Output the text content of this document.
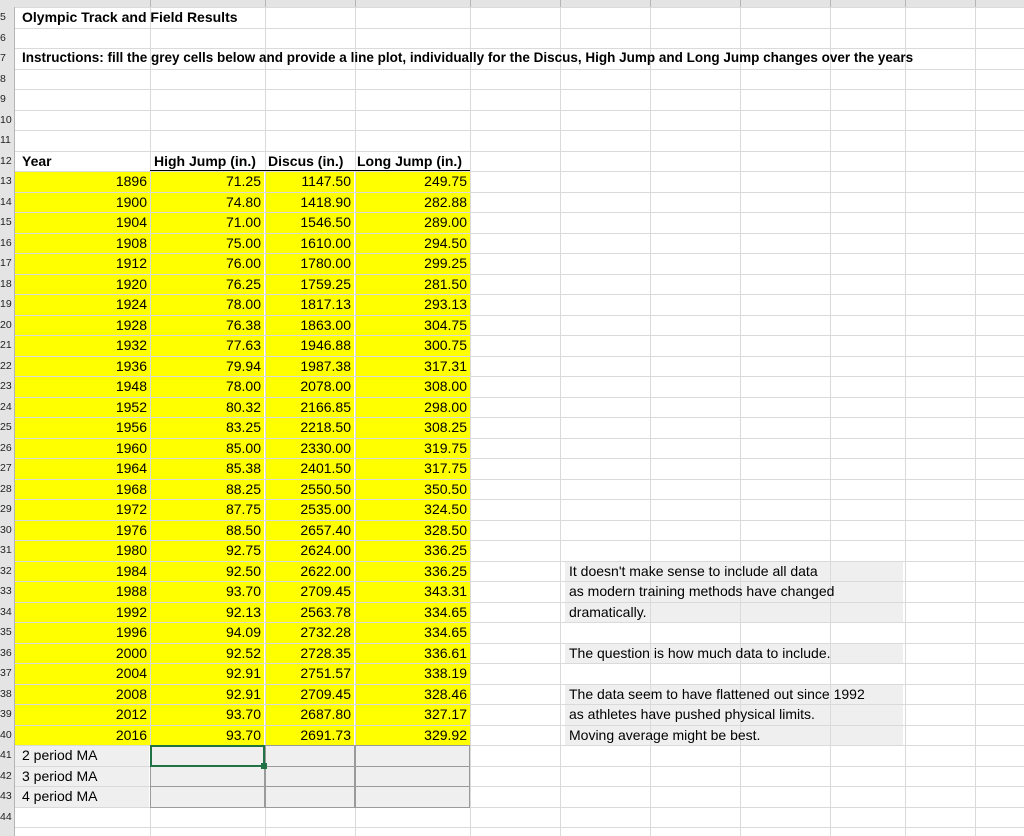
5
6
7
8
9
10
11
12
13
14
15
16
17
18
19
20
21
22
23
24
25
26
27
28
29
30
31
32
33
34
35
36
37
38
39
40
41
42
43
44
Olympic Track and Field Results
Instructions: fill the grey cells below and provide a line plot, individually for the Discus, High Jump and Long Jump changes over the years
Year	High Jump (in.) Discus (in.) Long Jump (in.)
1896	71.25	1147.50	249.75
1900	74.80	1418.90	282.88
1904	71.00	1546.50	289.00
1908	75.00	1610.00	294.50
1912	76.00	1780.00	299.25
1920	76.25	1759.25	281.50
1924	78.00	1817.13	293.13
1928	76.38	1863.00	304.75
1932	77.63	1946.88	300.75
1936	79.94	1987.38	317.31
1948	78.00	2078.00	308.00
1952	80.32	2166.85	298.00
1956	83.25	2218.50	308.25
1960	85.00	2330.00	319.75
1964	85.38	2401.50	317.75
1968	88.25	2550.50	350.50
1972	87.75	2535.00	324.50
1976	88.50	2657.40	328.50
1980	92.75	2624.00	336.25
1984	92.50	2622.00	336.25
1988	93.70	2709.45	343.31
1992	92.13	2563.78	334.65
1996	94.09	2732.28	334.65
2000	92.52	2728.35	336.61
2004	92.91	2751.57	338.19
2008	92.91	2709.45	328.46
2012	93.70	2687.80	327.17
2016	93.70	2691.73	329.92
2 period MA
3 period MA
4 period MA
It doesn't make sense to include all data
as modern training methods have changed
dramatically.
The question is how much data to include.
The data seem to have flattened out since 1992
as athletes have pushed physical limits.
Moving average might be best.
